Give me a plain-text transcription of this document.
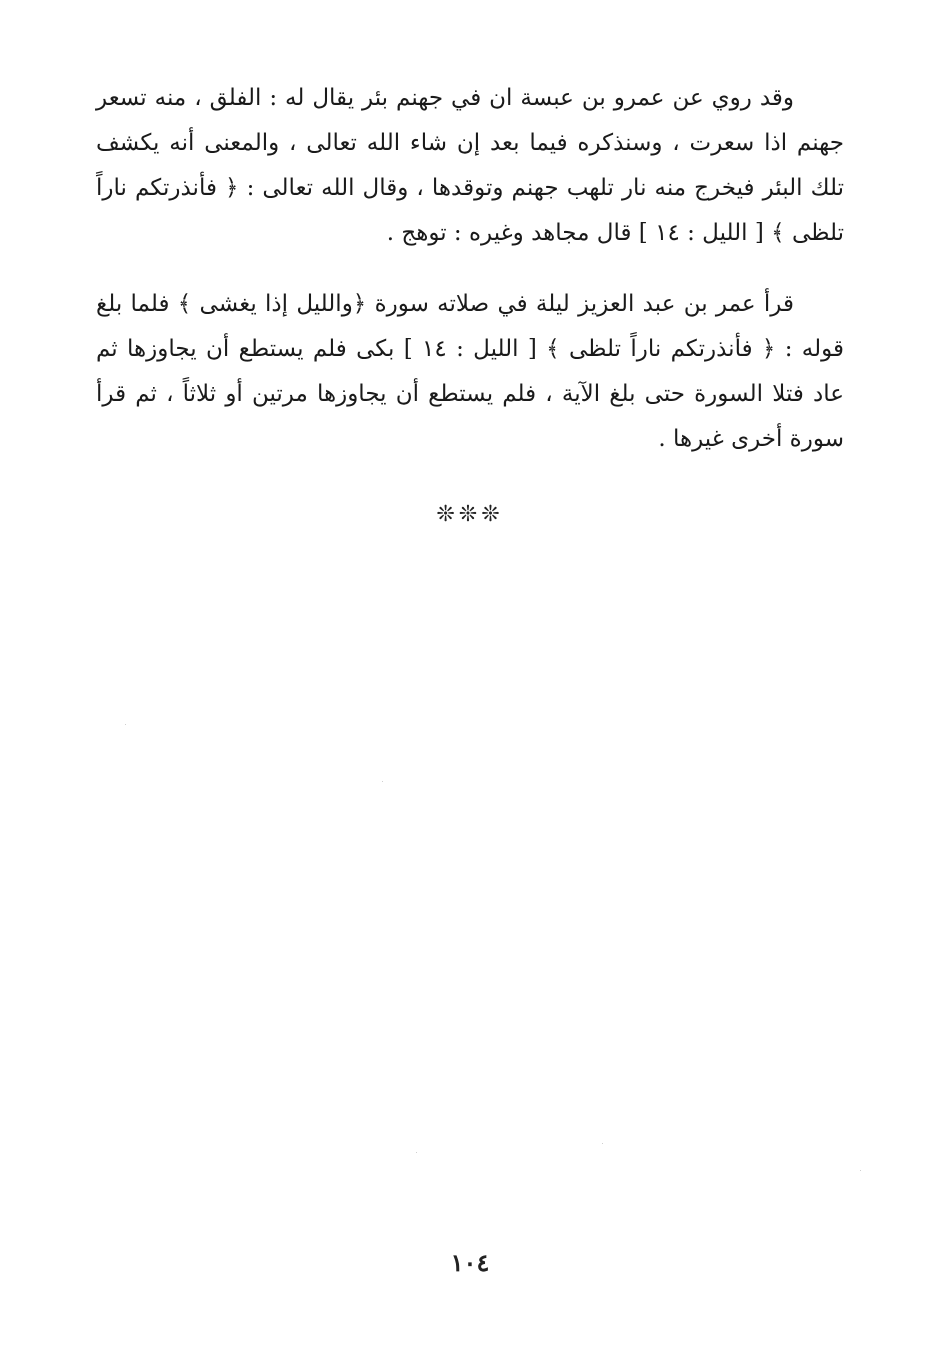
وقد روي عن عمرو بن عبسة ان في جهنم بئر يقال له : الفلق ، منه تسعر جهنم اذا سعرت ، وسنذكره فيما بعد إن شاء الله تعالى ، والمعنى أنه يكشف تلك البئر فيخرج منه نار تلهب جهنم وتوقدها ، وقال الله تعالى : ﴿ فأنذرتكم ناراً تلظى ﴾ [ الليل : ١٤ ] قال مجاهد وغيره : توهج .

قرأ عمر بن عبد العزيز ليلة في صلاته سورة ﴿والليل إذا يغشى ﴾ فلما بلغ قوله : ﴿ فأنذرتكم ناراً تلظى ﴾ [ الليل : ١٤ ] بكى فلم يستطع أن يجاوزها ثم عاد فتلا السورة حتى بلغ الآية ، فلم يستطع أن يجاوزها مرتين أو ثلاثاً ، ثم قرأ سورة أخرى غيرها .

❊❊❊
١٠٤
